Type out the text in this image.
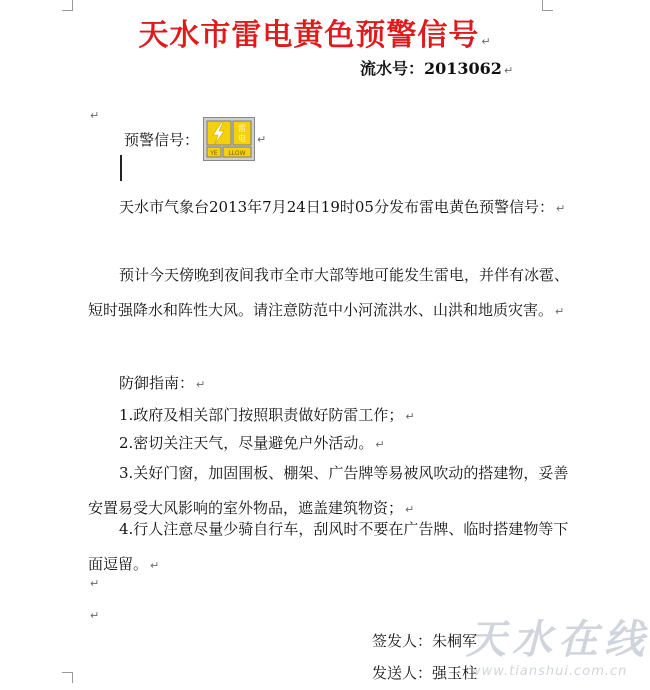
天水市雷电黄色预警信号 ↵
流水号：2013062 ↵
↵
预警信号：
雷
电
YE LLOW
↵
天水市气象台2013年7月24日19时05分发布雷电黄色预警信号： ↵
预计今天傍晚到夜间我市全市大部等地可能发生雷电，并伴有冰雹、短时强降水和阵性大风。请注意防范中小河流洪水、山洪和地质灾害。 ↵
防御指南： ↵
1.政府及相关部门按照职责做好防雷工作； ↵
2.密切关注天气，尽量避免户外活动。 ↵
3.关好门窗，加固围板、棚架、广告牌等易被风吹动的搭建物，妥善安置易受大风影响的室外物品，遮盖建筑物资； ↵
4.行人注意尽量少骑自行车，刮风时不要在广告牌、临时搭建物等下面逗留。 ↵
↵
↵
签发人：朱桐军
发送人：强玉柱
天水在线
www.tianshui.com.cn
